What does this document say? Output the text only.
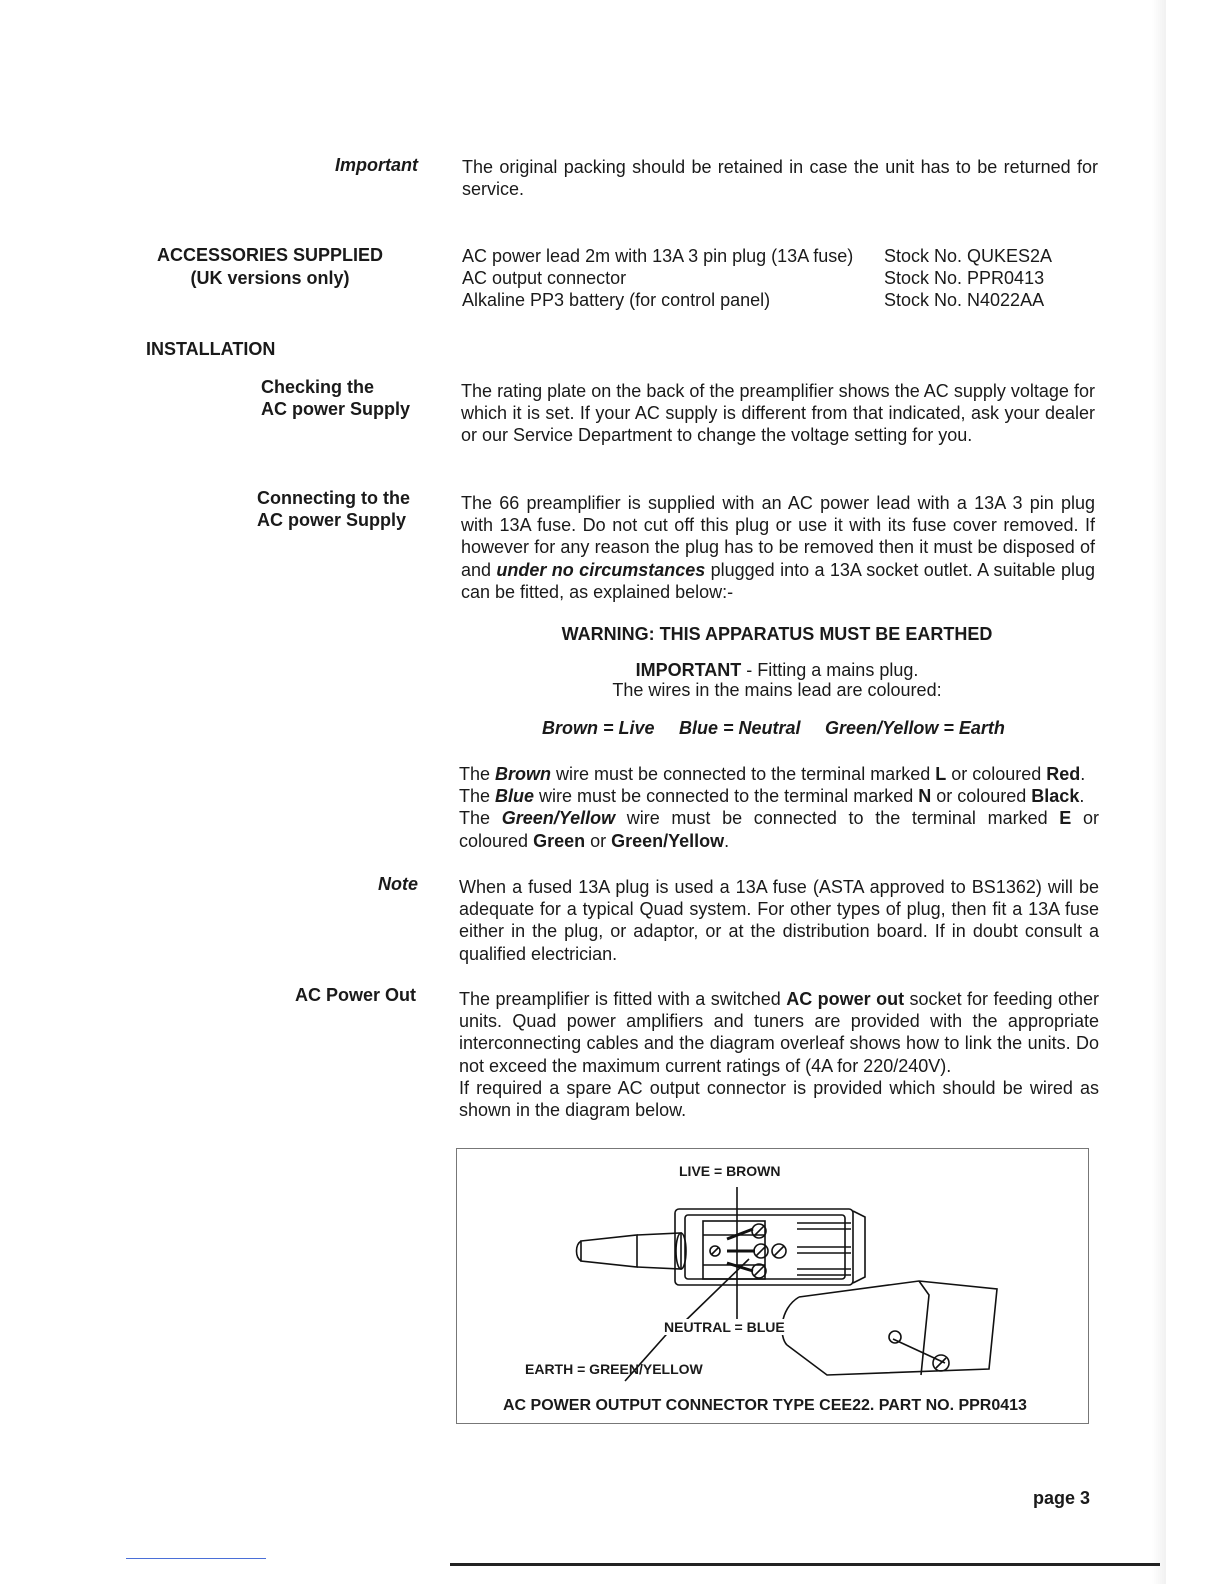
Important The original packing should be retained in case the unit has to be returned for service.
ACCESSORIES SUPPLIED
(UK versions only)
AC power lead 2m with 13A 3 pin plug (13A fuse) Stock No. QUKES2A
AC output connector	Stock No. PPR0413
Alkaline PP3 battery (for control panel)	Stock No. N4022AA
INSTALLATION
Checking the
AC power Supply
The rating plate on the back of the preamplifier shows the AC supply voltage for which it is set. If your AC supply is different from that indicated, ask your dealer or our Service Department to change the voltage setting for you.
Connecting to the
AC power Supply
The 66 preamplifier is supplied with an AC power lead with a 13A 3 pin plug with 13A fuse. Do not cut off this plug or use it with its fuse cover removed. If however for any reason the plug has to be removed then it must be disposed of and under no circumstances plugged into a 13A socket outlet. A suitable plug can be fitted, as explained below:-
WARNING: THIS APPARATUS MUST BE EARTHED
IMPORTANT - Fitting a mains plug.
The wires in the mains lead are coloured:
Brown = Live Blue = Neutral Green/Yellow = Earth
The Brown wire must be connected to the terminal marked L or coloured Red.
The Blue wire must be connected to the terminal marked N or coloured Black.
The Green/Yellow wire must be connected to the terminal marked E or coloured Green or Green/Yellow.
Note When a fused 13A plug is used a 13A fuse (ASTA approved to BS1362) will be adequate for a typical Quad system. For other types of plug, then fit a 13A fuse either in the plug, or adaptor, or at the distribution board. If in doubt consult a qualified electrician.
AC Power Out The preamplifier is fitted with a switched AC power out socket for feeding other units. Quad power amplifiers and tuners are provided with the appropriate interconnecting cables and the diagram overleaf shows how to link the units. Do not exceed the maximum current ratings of (4A for 220/240V).
If required a spare AC output connector is provided which should be wired as shown in the diagram below.
LIVE = BROWN
NEUTRAL = BLUE
EARTH = GREEN/YELLOW
AC POWER OUTPUT CONNECTOR TYPE CEE22. PART NO. PPR0413
page 3
